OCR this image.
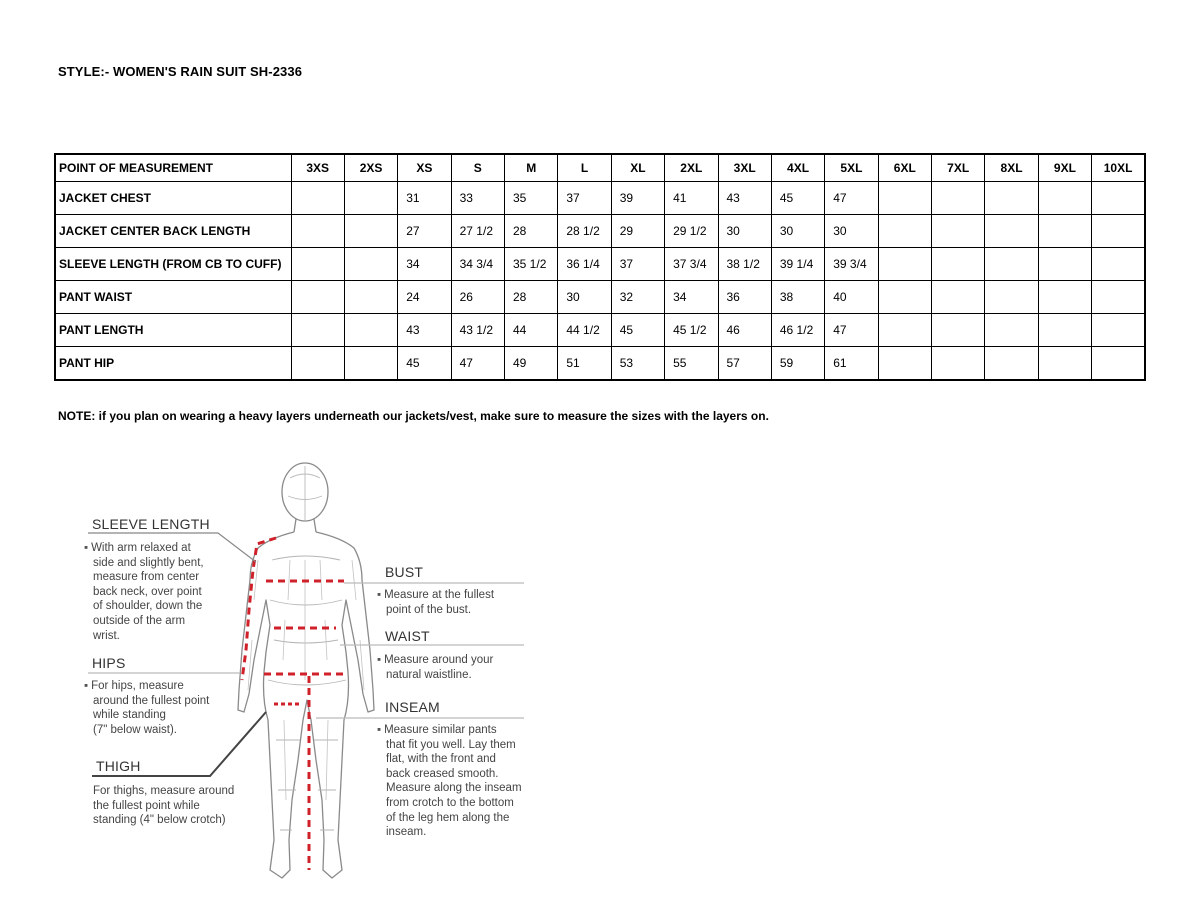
STYLE:- WOMEN'S RAIN SUIT SH-2336
POINT OF MEASUREMENT	3XS	2XS	XS	S	M	L	XL	2XL	3XL	4XL	5XL	6XL	7XL	8XL	9XL	10XL
JACKET CHEST			31	33	35	37	39	41	43	45	47					
JACKET CENTER BACK LENGTH			27	27 1/2	28	28 1/2	29	29 1/2	30	30	30					
SLEEVE LENGTH (FROM CB TO CUFF)			34	34 3/4	35 1/2	36 1/4	37	37 3/4	38 1/2	39 1/4	39 3/4					
PANT WAIST			24	26	28	30	32	34	36	38	40					
PANT LENGTH			43	43 1/2	44	44 1/2	45	45 1/2	46	46 1/2	47					
PANT HIP			45	47	49	51	53	55	57	59	61					
NOTE: if you plan on wearing a heavy layers underneath our jackets/vest, make sure to measure the sizes with the layers on.
SLEEVE LENGTH
▪ With arm relaxed at
side and slightly bent,
measure from center
back neck, over point
of shoulder, down the
outside of the arm
wrist.
HIPS
▪ For hips, measure
around the fullest point
while standing
(7" below waist).
THIGH
For thighs, measure around
the fullest point while
standing (4" below crotch)
BUST
▪ Measure at the fullest
point of the bust.
WAIST
▪ Measure around your
natural waistline.
INSEAM
▪ Measure similar pants
that fit you well. Lay them
flat, with the front and
back creased smooth.
Measure along the inseam
from crotch to the bottom
of the leg hem along the
inseam.
